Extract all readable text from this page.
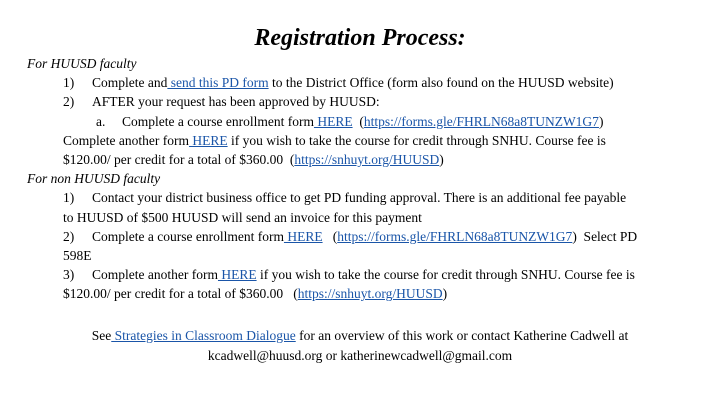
Registration Process:
For HUUSD faculty
1) Complete and send this PD form to the District Office (form also found on the HUUSD website)
2) AFTER your request has been approved by HUUSD:
a. Complete a course enrollment form HERE  (https://forms.gle/FHRLN68a8TUNZW1G7)
Complete another form HERE if you wish to take the course for credit through SNHU. Course fee is
$120.00/ per credit for a total of $360.00  (https://snhuyt.org/HUUSD)
For non HUUSD faculty
1) Contact your district business office to get PD funding approval. There is an additional fee payable
to HUUSD of $500 HUUSD will send an invoice for this payment
2) Complete a course enrollment form HERE   (https://forms.gle/FHRLN68a8TUNZW1G7)  Select PD
598E
3) Complete another form HERE if you wish to take the course for credit through SNHU. Course fee is
$120.00/ per credit for a total of $360.00   (https://snhuyt.org/HUUSD)
See Strategies in Classroom Dialogue for an overview of this work or contact Katherine Cadwell at
kcadwell@huusd.org or katherinewcadwell@gmail.com
